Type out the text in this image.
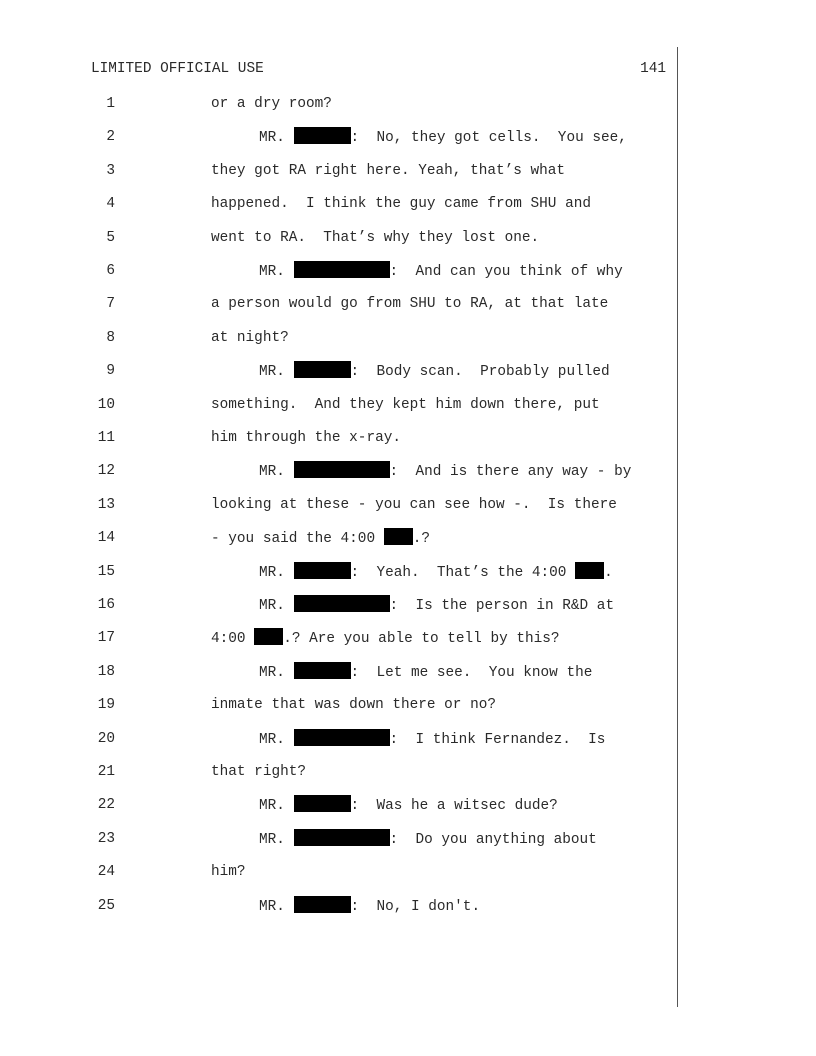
LIMITED OFFICIAL USE	141
1	or a dry room?
2	MR.	:  No, they got cells.  You see,
3	they got RA right here. Yeah, that’s what
4	happened.  I think the guy came from SHU and
5	went to RA.  That’s why they lost one.
6	MR.	:  And can you think of why
7	a person would go from SHU to RA, at that late
8	at night?
9	MR.	:  Body scan.  Probably pulled
10	something.  And they kept him down there, put
11	him through the x-ray.
12	MR.	:  And is there any way - by
13	looking at these - you can see how -.  Is there
14	- you said the 4:00 .?
15	MR.	:  Yeah.  That’s the 4:00 .
16	MR.	:  Is the person in R&D at
17	4:00 .? Are you able to tell by this?
18	MR.	:  Let me see.  You know the
19	inmate that was down there or no?
20	MR.	:  I think Fernandez.  Is
21	that right?
22	MR.	:  Was he a witsec dude?
23	MR.	:  Do you anything about
24	him?
25	MR.	:  No, I don't.
